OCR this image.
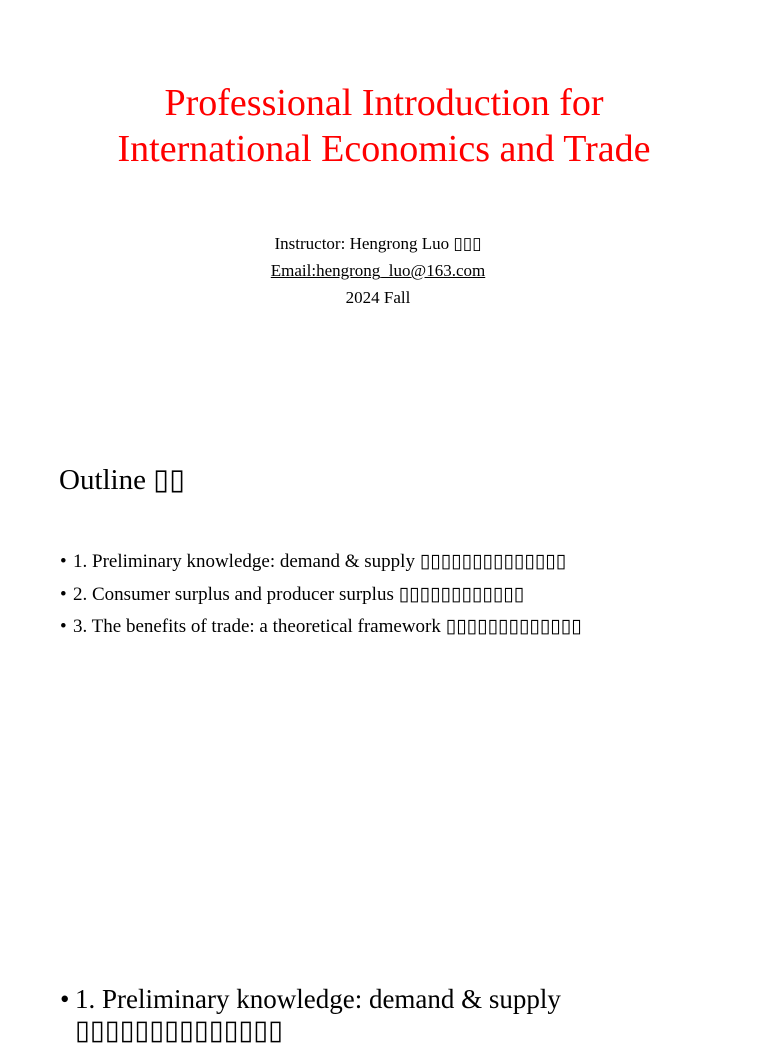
Professional Introduction for International Economics and Trade
Instructor: Hengrong Luo ▯▯▯
Email:hengrong_luo@163.com
2024 Fall
Outline ▯▯
• 1. Preliminary knowledge: demand & supply ▯▯▯▯▯▯▯▯▯▯▯▯▯▯
• 2. Consumer surplus and producer surplus ▯▯▯▯▯▯▯▯▯▯▯▯
• 3. The benefits of trade: a theoretical framework ▯▯▯▯▯▯▯▯▯▯▯▯▯
• 1. Preliminary knowledge: demand & supply ▯▯▯▯▯▯▯▯▯▯▯▯▯▯
